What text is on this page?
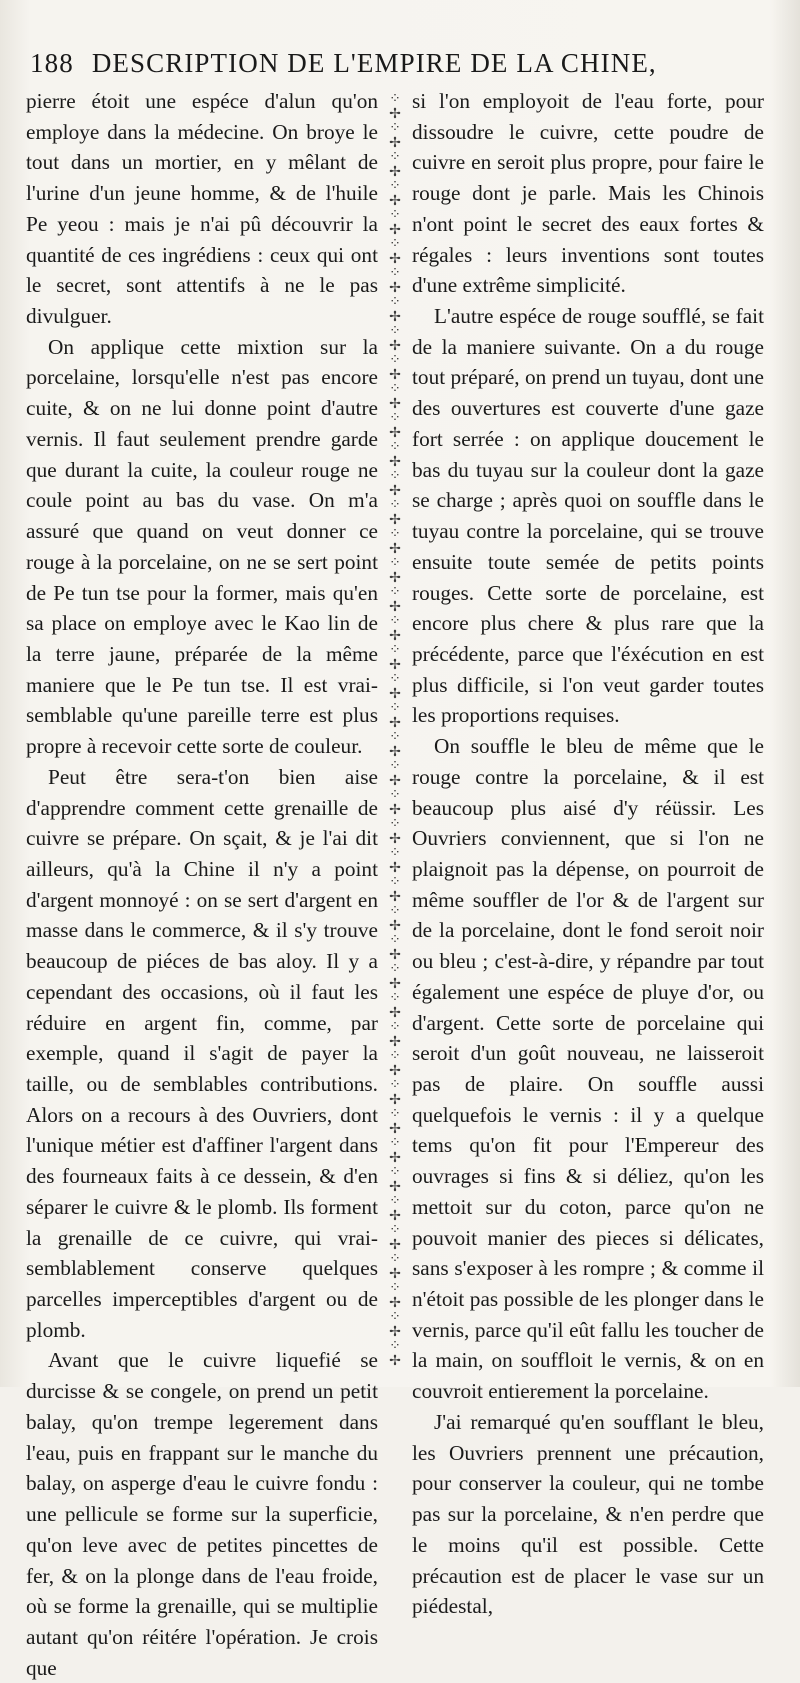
188 DESCRIPTION DE L'EMPIRE DE LA CHINE,

pierre étoit une espéce d'alun qu'on employe dans la médecine. On broye le tout dans un mortier, en y mêlant de l'urine d'un jeune homme, & de l'huile Pe yeou : mais je n'ai pû découvrir la quantité de ces ingrédiens : ceux qui ont le secret, sont attentifs à ne le pas divulguer.

On applique cette mixtion sur la porcelaine, lorsqu'elle n'est pas encore cuite, & on ne lui donne point d'autre vernis. Il faut seulement prendre garde que durant la cuite, la couleur rouge ne coule point au bas du vase. On m'a assuré que quand on veut donner ce rouge à la porcelaine, on ne se sert point de Pe tun tse pour la former, mais qu'en sa place on employe avec le Kao lin de la terre jaune, préparée de la même maniere que le Pe tun tse. Il est vrai-semblable qu'une pareille terre est plus propre à recevoir cette sorte de couleur.

Peut être sera-t'on bien aise d'apprendre comment cette grenaille de cuivre se prépare. On sçait, & je l'ai dit ailleurs, qu'à la Chine il n'y a point d'argent monnoyé : on se sert d'argent en masse dans le commerce, & il s'y trouve beaucoup de piéces de bas aloy. Il y a cependant des occasions, où il faut les réduire en argent fin, comme, par exemple, quand il s'agit de payer la taille, ou de semblables contributions. Alors on a recours à des Ouvriers, dont l'unique métier est d'affiner l'argent dans des fourneaux faits à ce dessein, & d'en séparer le cuivre & le plomb. Ils forment la grenaille de ce cuivre, qui vrai-semblablement conserve quelques parcelles imperceptibles d'argent ou de plomb.

Avant que le cuivre liquefié se durcisse & se congele, on prend un petit balay, qu'on trempe legerement dans l'eau, puis en frappant sur le manche du balay, on asperge d'eau le cuivre fondu : une pellicule se forme sur la superficie, qu'on leve avec de petites pincettes de fer, & on la plonge dans de l'eau froide, où se forme la grenaille, qui se multiplie autant qu'on réitére l'opération. Je crois que

⁘
✢
⁘
✢
⁘
✢
⁘
✢
⁘
✢
⁘
✢
⁘
✢
⁘
✢
⁘
✢
⁘
✢
⁘
✢
⁘
✢
⁘
✢
⁘
✢
⁘
✢
⁘
✢
⁘
✢
⁘
✢
⁘
✢
⁘
✢
⁘
✢
⁘
✢
⁘
✢
⁘
✢
⁘
✢
⁘
✢
⁘
✢
⁘
✢
⁘
✢
⁘
✢
⁘
✢
⁘
✢
⁘
✢
⁘
✢
⁘
✢
⁘
✢
⁘
✢
⁘
✢
⁘
✢
⁘
✢
⁘
✢
⁘
✢
⁘
✢
⁘
✢

si l'on employoit de l'eau forte, pour dissoudre le cuivre, cette poudre de cuivre en seroit plus propre, pour faire le rouge dont je parle. Mais les Chinois n'ont point le secret des eaux fortes & régales : leurs inventions sont toutes d'une extrême simplicité.

L'autre espéce de rouge soufflé, se fait de la maniere suivante. On a du rouge tout préparé, on prend un tuyau, dont une des ouvertures est couverte d'une gaze fort serrée : on applique doucement le bas du tuyau sur la couleur dont la gaze se charge ; après quoi on souffle dans le tuyau contre la porcelaine, qui se trouve ensuite toute semée de petits points rouges. Cette sorte de porcelaine, est encore plus chere & plus rare que la précédente, parce que l'éxécution en est plus difficile, si l'on veut garder toutes les proportions requises.

On souffle le bleu de même que le rouge contre la porcelaine, & il est beaucoup plus aisé d'y réüssir. Les Ouvriers conviennent, que si l'on ne plaignoit pas la dépense, on pourroit de même souffler de l'or & de l'argent sur de la porcelaine, dont le fond seroit noir ou bleu ; c'est-à-dire, y répandre par tout également une espéce de pluye d'or, ou d'argent. Cette sorte de porcelaine qui seroit d'un goût nouveau, ne laisseroit pas de plaire. On souffle aussi quelquefois le vernis : il y a quelque tems qu'on fit pour l'Empereur des ouvrages si fins & si déliez, qu'on les mettoit sur du coton, parce qu'on ne pouvoit manier des pieces si délicates, sans s'exposer à les rompre ; & comme il n'étoit pas possible de les plonger dans le vernis, parce qu'il eût fallu les toucher de la main, on souffloit le vernis, & on en couvroit entierement la porcelaine.

J'ai remarqué qu'en soufflant le bleu, les Ouvriers prennent une précaution, pour conserver la couleur, qui ne tombe pas sur la porcelaine, & n'en perdre que le moins qu'il est possible. Cette précaution est de placer le vase sur un piédestal,
